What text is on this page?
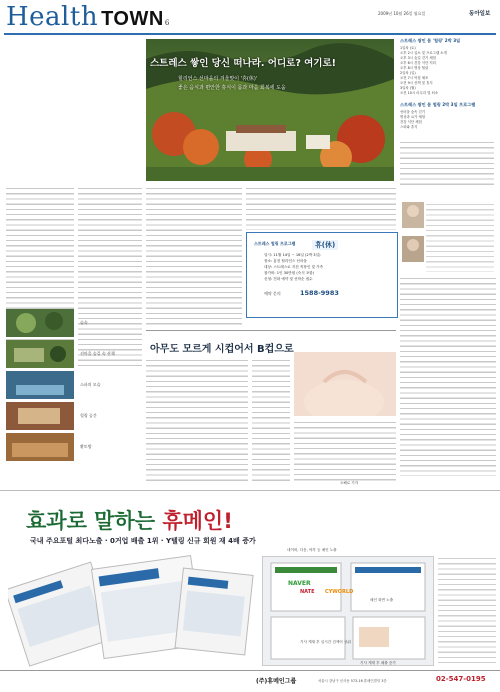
Health TOWN6
2009년 10월 26일 월요일	동아일보
스트레스 쌓인 당신 떠나라. 어디로? 여기로!
힐리언스 선마을의 겨울맞이 '휴(休)'
좋은 음식과 편안한 휴식이 몸과 마음 회복에 도움
숲속
선마을 숲길 속 산책
스파의 모습
힐링 공간
황토방
스트레스 힐링 프로그램	휴(休)
일시: 11월 14일 ~ 16일 (2박 3일)
장소: 홍천 힐리언스 선마을
대상: 스트레스로 지친 직장인 및 가족
참가비: 1인 30만원 (숙식 포함)
신청: 전화 예약 및 선착순 접수
예약 문의	1588-9983
스트레스 쌓인 몸 '힐링' 2박 3일
1일차 (토)
오후 2시 입소 및 프로그램 소개
오후 3시 숲길 걷기 체험
오후 6시 건강 식단 저녁
오후 8시 명상 힐링
2일차 (일)
오전 7시 아침 체조
오전 9시 산책 및 휴식
3일차 (월)
오전 10시 마무리 및 퇴소
스트레스 쌓인 몸 힐링 2박 3일 프로그램
선마을 숲속 걷기
명상과 요가 체험
건강 식단 체험
스파와 휴식
아무도 모르게 시컵어서 B컵으로
오해로 기자
효과로 말하는 휴메인!
국내 주요포털 최다노출 · 0거업 배출 1위 · Y텔링 신규 회원 재 4배 증가
NAVER
NATE CYWORLD
네이버, 다음, 야후 등 메인 노출
메인 화면 노출
기사 게재 후 실시간 검색어 상위
기사 게재 후 매출 증가
(주)휴메인그룹	서울시 강남구 신사동 573-16 휴메인빌딩 3층	02-547-0195
